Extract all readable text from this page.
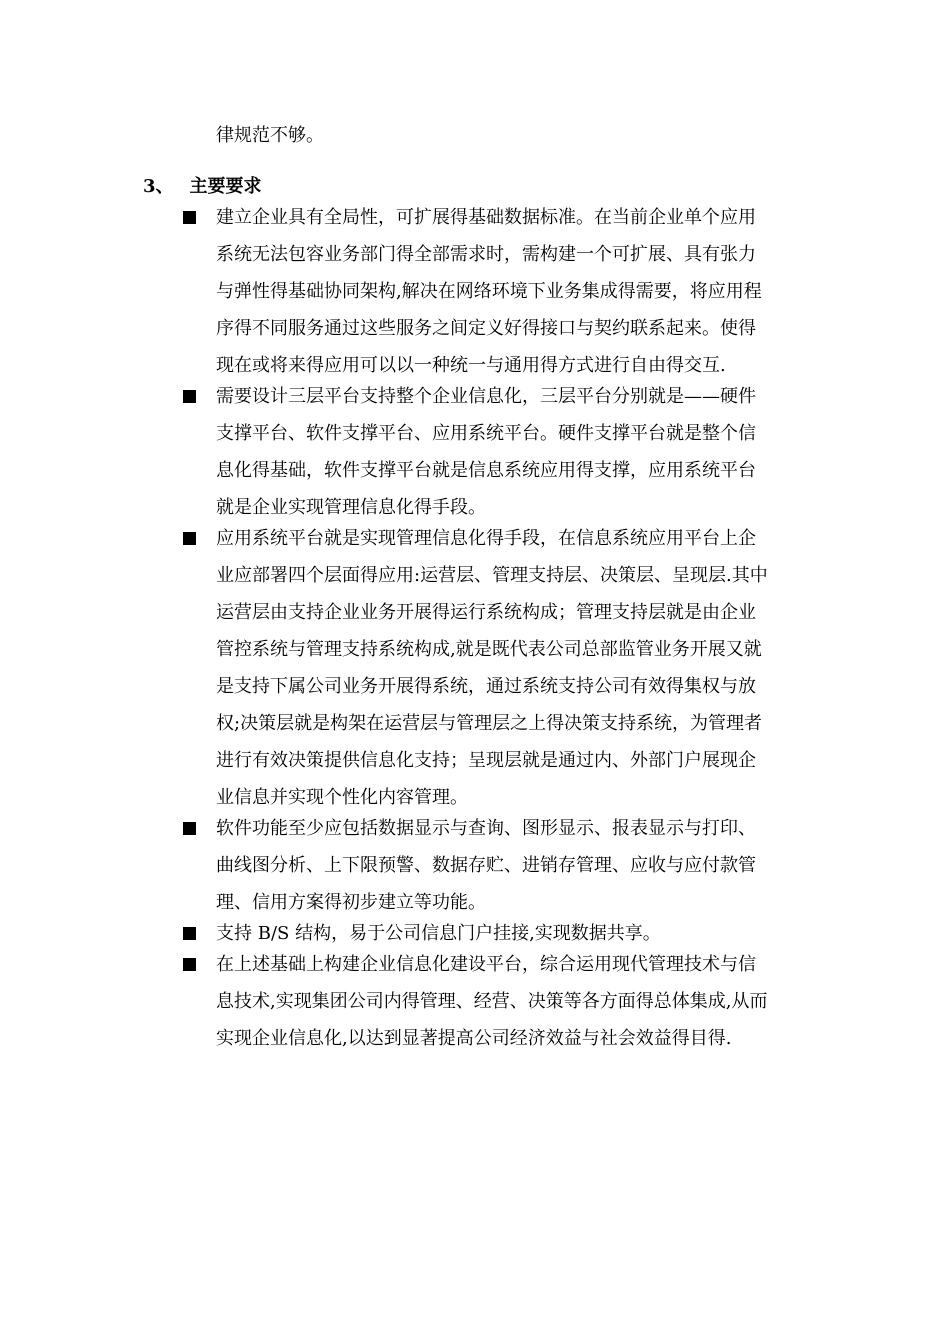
律规范不够。
3、 主要要求
建立企业具有全局性，可扩展得基础数据标准。在当前企业单个应用
系统无法包容业务部门得全部需求时，需构建一个可扩展、具有张力
与弹性得基础协同架构,解决在网络环境下业务集成得需要，将应用程
序得不同服务通过这些服务之间定义好得接口与契约联系起来。使得
现在或将来得应用可以以一种统一与通用得方式进行自由得交互.
需要设计三层平台支持整个企业信息化，三层平台分别就是——硬件
支撑平台、软件支撑平台、应用系统平台。硬件支撑平台就是整个信
息化得基础，软件支撑平台就是信息系统应用得支撑，应用系统平台
就是企业实现管理信息化得手段。
应用系统平台就是实现管理信息化得手段，在信息系统应用平台上企
业应部署四个层面得应用:运营层、管理支持层、决策层、呈现层.其中
运营层由支持企业业务开展得运行系统构成；管理支持层就是由企业
管控系统与管理支持系统构成,就是既代表公司总部监管业务开展又就
是支持下属公司业务开展得系统，通过系统支持公司有效得集权与放
权;决策层就是构架在运营层与管理层之上得决策支持系统，为管理者
进行有效决策提供信息化支持；呈现层就是通过内、外部门户展现企
业信息并实现个性化内容管理。
软件功能至少应包括数据显示与查询、图形显示、报表显示与打印、
曲线图分析、上下限预警、数据存贮、进销存管理、应收与应付款管
理、信用方案得初步建立等功能。
支持 B/S 结构，易于公司信息门户挂接,实现数据共享。
在上述基础上构建企业信息化建设平台，综合运用现代管理技术与信
息技术,实现集团公司内得管理、经营、决策等各方面得总体集成,从而
实现企业信息化,以达到显著提高公司经济效益与社会效益得目得.
